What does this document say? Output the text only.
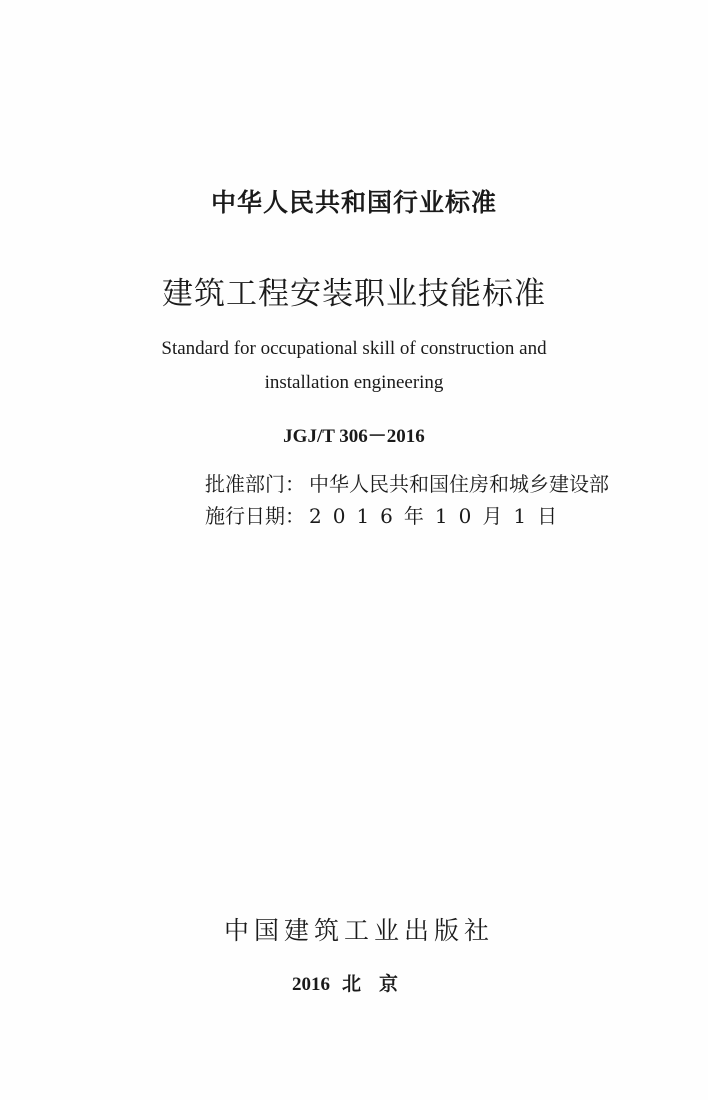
中华人民共和国行业标准
建筑工程安装职业技能标准
Standard for occupational skill of construction and
installation engineering
JGJ/T 306－2016
批准部门： 中华人民共和国住房和城乡建设部
施行日期： 2016年10月1日
中国建筑工业出版社
2016 北京
